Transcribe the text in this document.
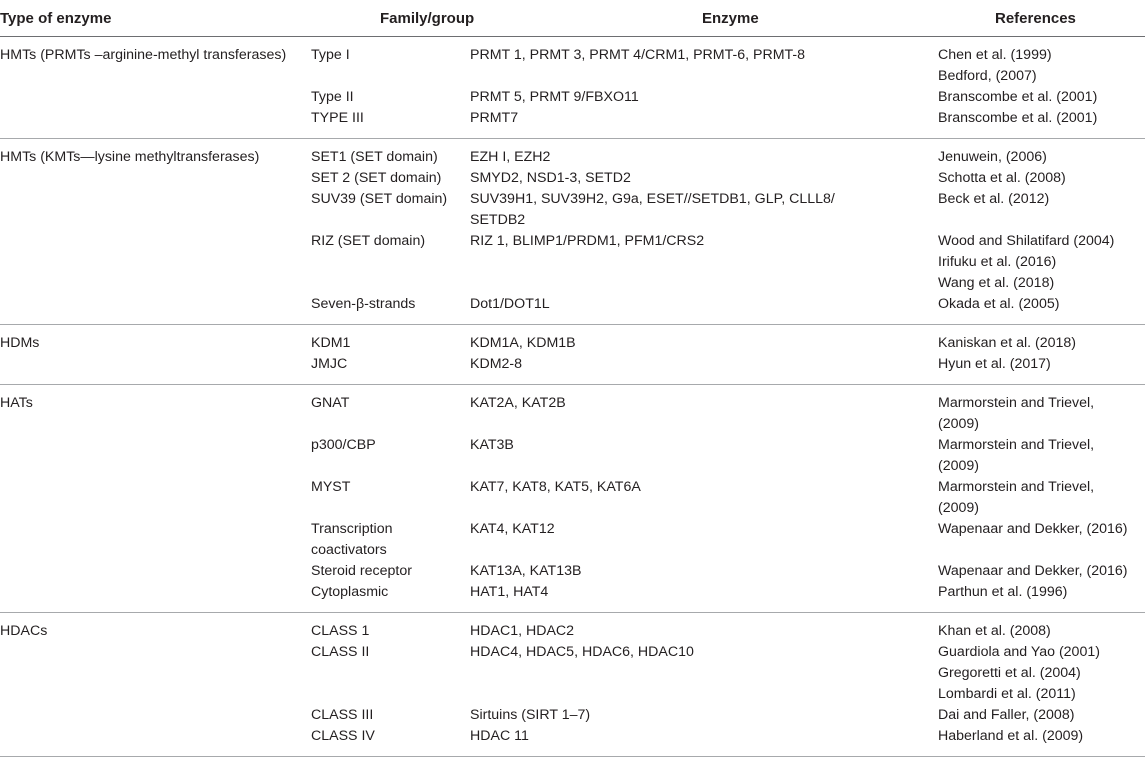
Type of enzyme	Family/group	Enzyme	References

HMTs (PRMTs –arginine-methyl transferases)	Type I	PRMT 1, PRMT 3, PRMT 4/CRM1, PRMT-6, PRMT-8	Chen et al. (1999)
Bedford, (2007)
	Type II	PRMT 5, PRMT 9/FBXO11	Branscombe et al. (2001)
	TYPE III	PRMT7	Branscombe et al. (2001)

HMTs (KMTs—lysine methyltransferases)	SET1 (SET domain)	EZH I, EZH2	Jenuwein, (2006)
	SET 2 (SET domain)	SMYD2, NSD1-3, SETD2	Schotta et al. (2008)
	SUV39 (SET domain)	SUV39H1, SUV39H2, G9a, ESET//SETDB1, GLP, CLLL8/
SETDB2	Beck et al. (2012)
	RIZ (SET domain)	RIZ 1, BLIMP1/PRDM1, PFM1/CRS2	Wood and Shilatifard (2004)
Irifuku et al. (2016)
Wang et al. (2018)
	Seven-β-strands	Dot1/DOT1L	Okada et al. (2005)

HDMs	KDM1	KDM1A, KDM1B	Kaniskan et al. (2018)
	JMJC	KDM2-8	Hyun et al. (2017)

HATs	GNAT	KAT2A, KAT2B	Marmorstein and Trievel,
(2009)
	p300/CBP	KAT3B	Marmorstein and Trievel,
(2009)
	MYST	KAT7, KAT8, KAT5, KAT6A	Marmorstein and Trievel,
(2009)
	Transcription
coactivators	KAT4, KAT12	Wapenaar and Dekker, (2016)
	Steroid receptor	KAT13A, KAT13B	Wapenaar and Dekker, (2016)
	Cytoplasmic	HAT1, HAT4	Parthun et al. (1996)

HDACs	CLASS 1	HDAC1, HDAC2	Khan et al. (2008)
	CLASS II	HDAC4, HDAC5, HDAC6, HDAC10	Guardiola and Yao (2001)
Gregoretti et al. (2004)
Lombardi et al. (2011)
	CLASS III	Sirtuins (SIRT 1–7)	Dai and Faller, (2008)
	CLASS IV	HDAC 11	Haberland et al. (2009)
